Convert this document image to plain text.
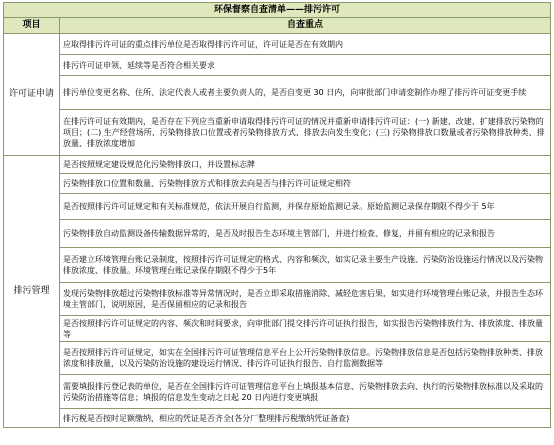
环保督察自查清单——排污许可	
项目	自查重点
许可证申请	应取得排污许可证的重点排污单位是否取得排污许可证，许可证是否在有效期内
	排污许可证申领、延续等是否符合相关要求
	排污单位变更名称、住所、法定代表人或者主要负责人的，是否自变更 30 日内，向审批部门申请変制作办理了排污许可证变更手续
	在排污许可证有效期内，是否存在下列应当重新申请取得排污许可证的情况并重新申请排污许可证：(一) 新建、改建、扩建排放污染物的项目；(二) 生产经营场所、污染物排放口位置或者污染物排放方式、排放去向发生变化；(三) 污染物排放口数量或者污染物排放种类、排放量、排放浓度增加
排污管理	是否按照规定建设规范化污染物排放口，并设置标志牌
	污染物排放口位置和数量、污染物排放方式和排放去向是否与排污许可证规定相符
	是否按照排污许可证规定和有关标准规范，依法开展自行监测，并保存原始监测记录。原始监测记录保存期限不得少于 5年
	污染物排放自动监测设备传输数据异常的，是否及时报告生态环境主管部门，并进行检查、修复，并留有相应的记录和报告
	是否建立环境管理台账记录制度，按照排污许可证规定的格式、内容和频次，如实记录主要生产设施、污染防治设施运行情况以及污染物排放浓度、排放量。环境管理台账记录保存期限不得少于5年
	发现污染物排放超过污染物排放标准等异常情况时，是否立即采取措施消除、减轻危害后果，如实进行环境管理台账记录，并报告生态环境主管部门，说明原因，是否保留相应的记录和报告
	是否按照排污许可证规定的内容、频次和时间要求，向审批部门提交排污许可证执行报告，如实报告污染物排放行为、排放浓度、排放量等
	是否按照排污许可证规定，如实在全国排污许可证管理信息平台上公开污染物排放信息。污染物排放信息是否包括污染物排放种类、排放浓度和排放量，以及污染防治设施的建设运行情况、排污许可证执行报告、自行监测数据等
	需要填报排污登记表的单位，是否在全国排污许可证管理信息平台上填报基本信息、污染物排放去向、执行的污染物排放标准以及采取的污染防治措施等信息；填报的信息发生变动之日起 20 日内进行变更填报
	排污税是否按时足额缴纳，相应的凭证是否齐全(各分厂整理排污税缴纳凭证备查)
